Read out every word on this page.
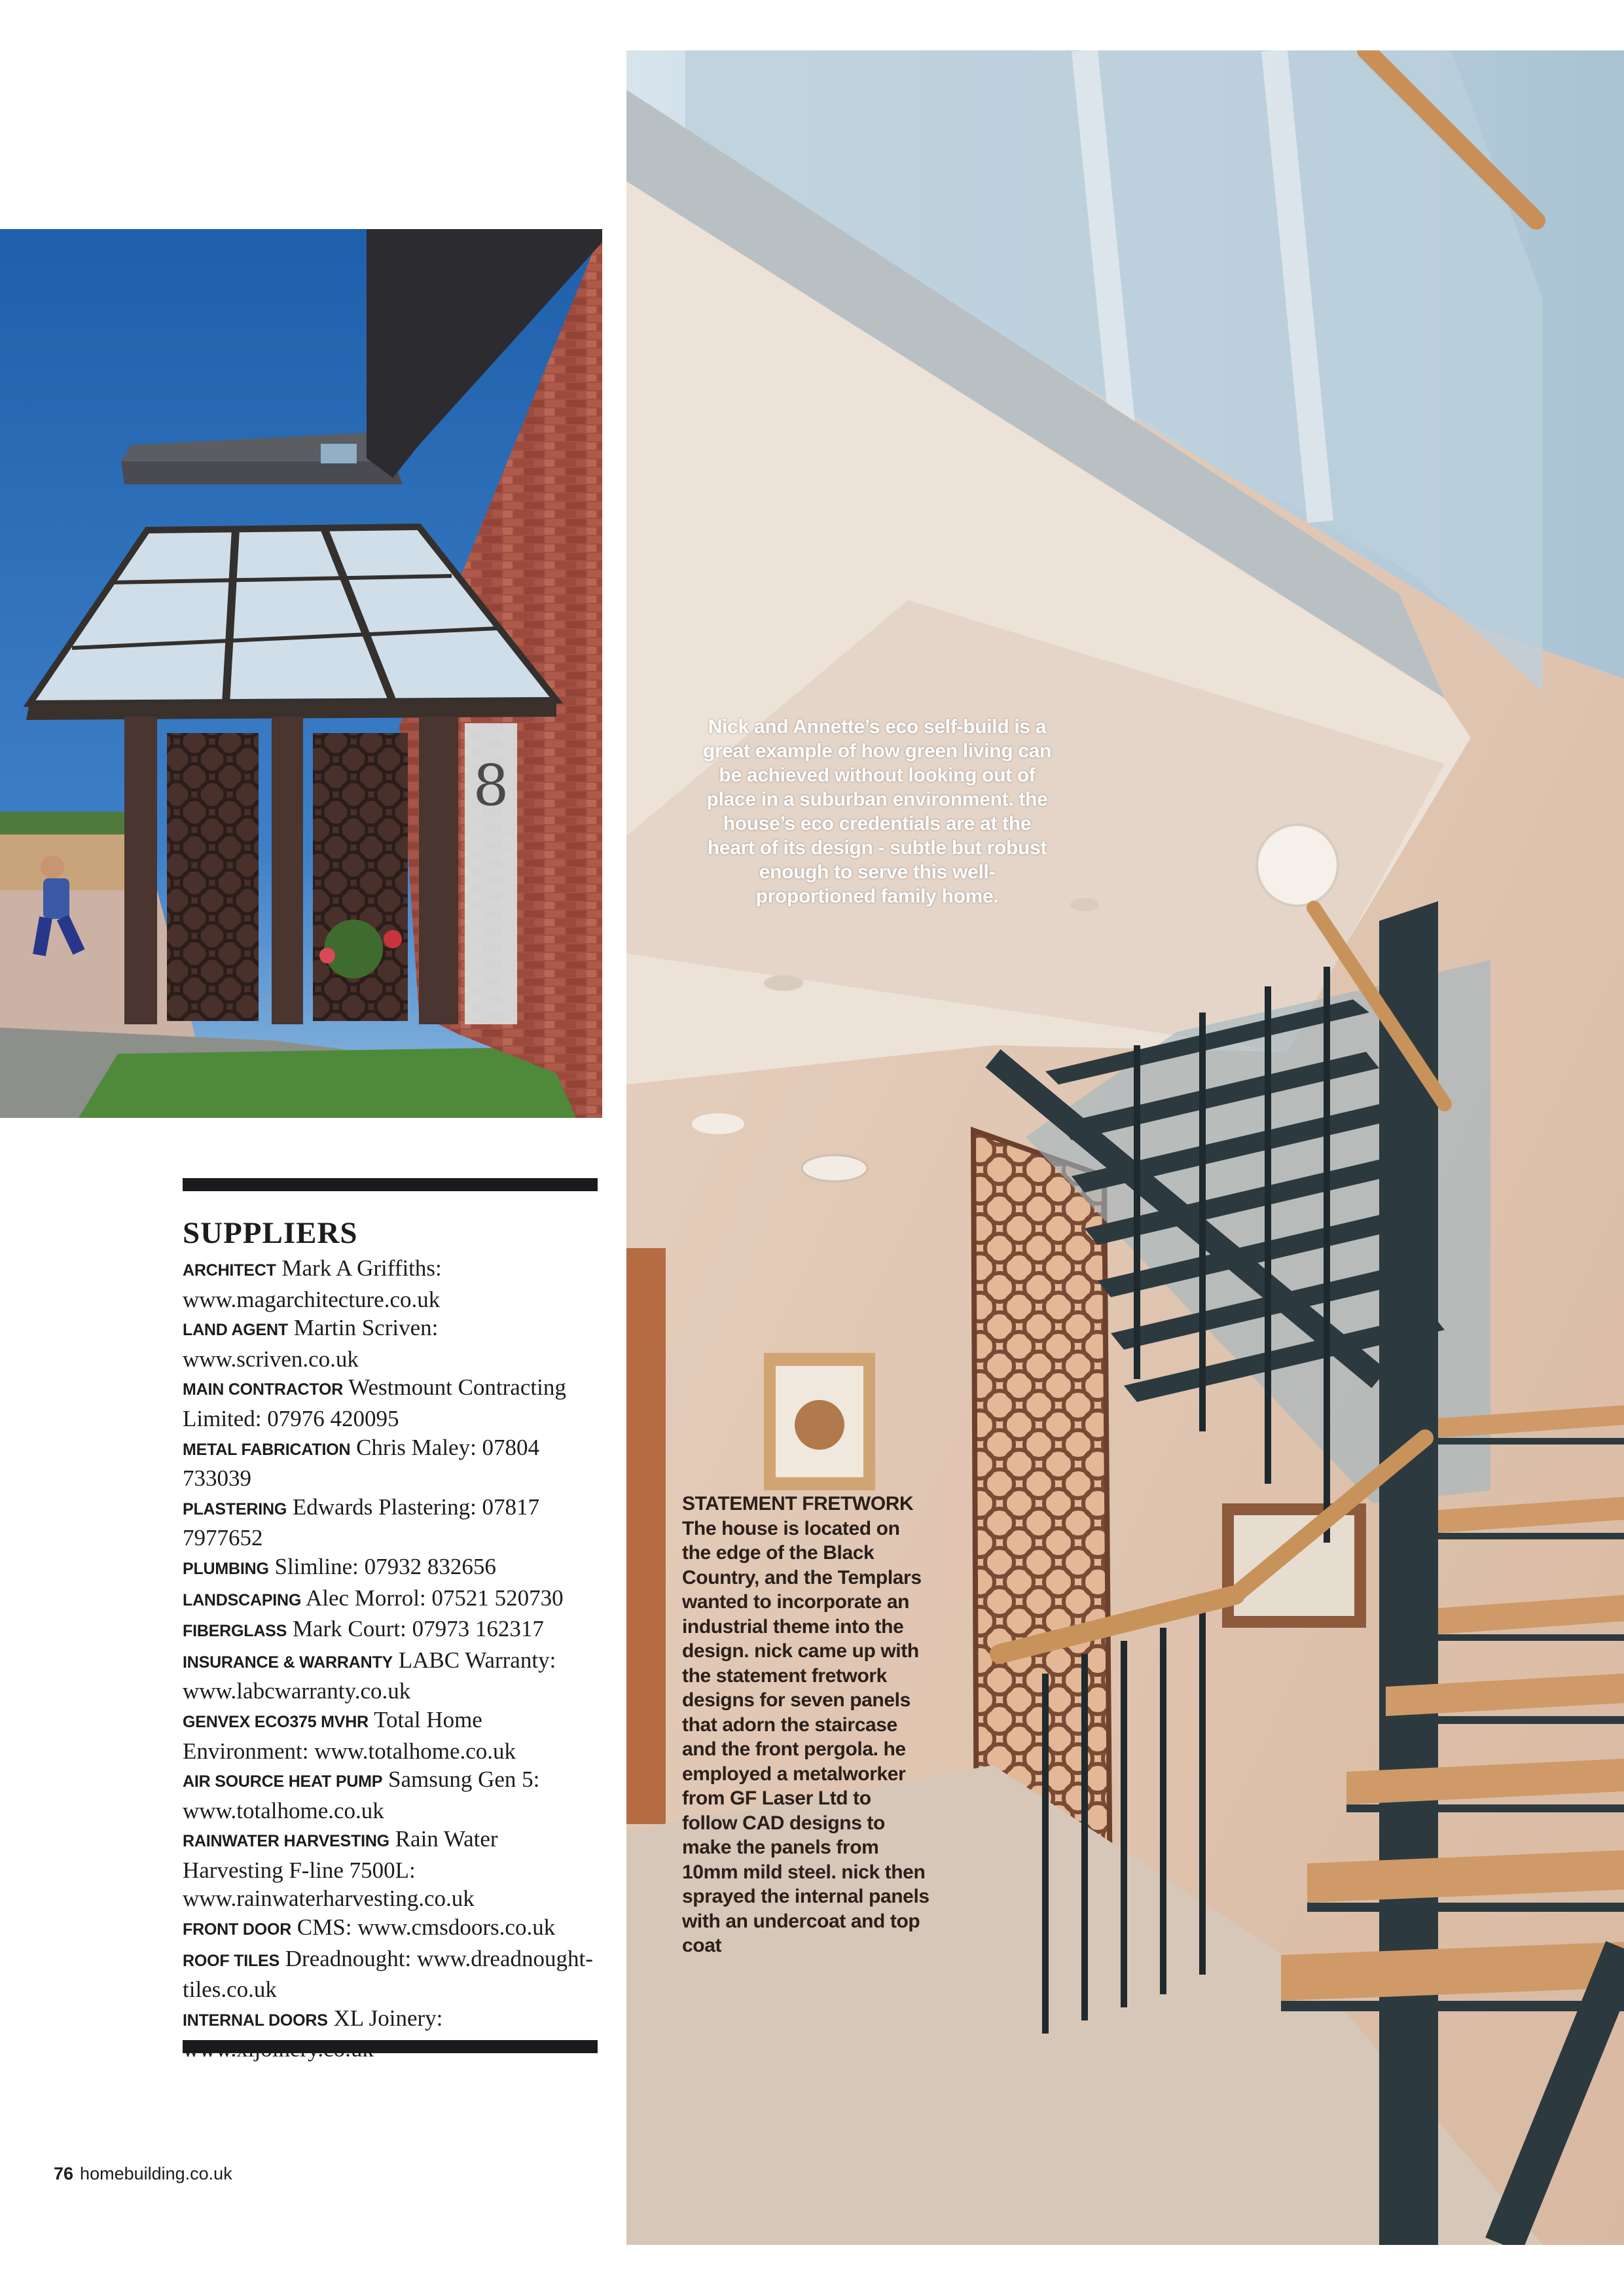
8
Nick and Annette’s eco self-build is a great example of how green living can be achieved without looking out of place in a suburban environment. the house’s eco credentials are at the heart of its design - subtle but robust enough to serve this well-proportioned family home.
STATEMENT FRETWORK
The house is located on the edge of the Black Country, and the Templars wanted to incorporate an industrial theme into the design. nick came up with the statement fretwork designs for seven panels that adorn the staircase and the front pergola. he employed a metalworker from GF Laser Ltd to follow CAD designs to make the panels from 10mm mild steel. nick then sprayed the internal panels with an undercoat and top coat
SUPPLIERS
ARCHITECT Mark A Griffiths: www.magarchitecture.co.uk
LAND AGENT Martin Scriven: www.scriven.co.uk
MAIN CONTRACTOR Westmount Contracting Limited: 07976 420095
METAL FABRICATION Chris Maley: 07804 733039
PLASTERING Edwards Plastering: 07817 7977652
PLUMBING Slimline: 07932 832656
LANDSCAPING Alec Morrol: 07521 520730
FIBERGLASS Mark Court: 07973 162317
INSURANCE & WARRANTY LABC Warranty: www.labcwarranty.co.uk
GENVEX ECO375 MVHR Total Home Environment: www.totalhome.co.uk
AIR SOURCE HEAT PUMP Samsung Gen 5: www.totalhome.co.uk
RAINWATER HARVESTING Rain Water Harvesting F-line 7500L: www.rainwaterharvesting.co.uk
FRONT DOOR CMS: www.cmsdoors.co.uk
ROOF TILES Dreadnought: www.dreadnought-tiles.co.uk
INTERNAL DOORS XL Joinery:
76 homebuilding.co.uk
